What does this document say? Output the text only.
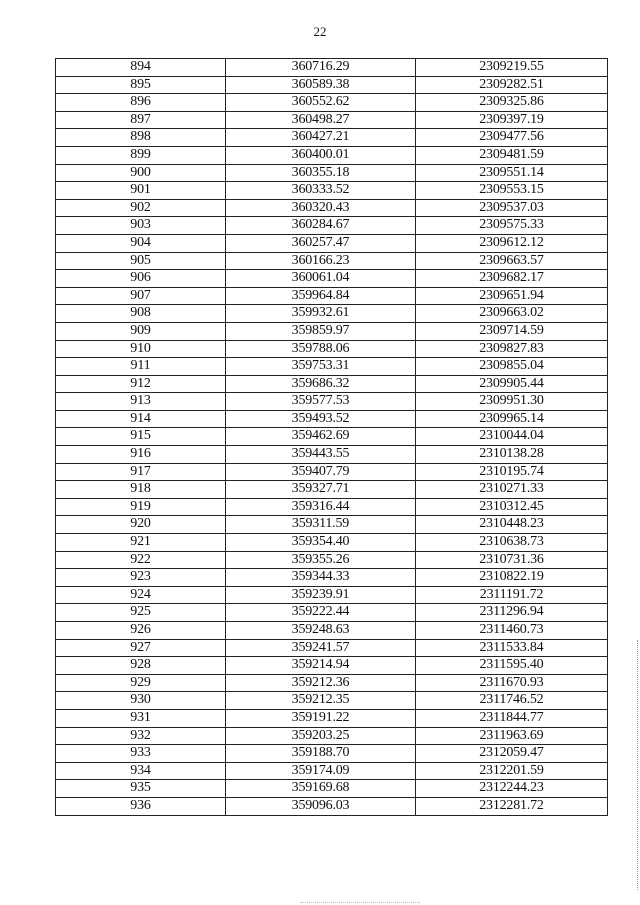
22
894	360716.29	2309219.55
895	360589.38	2309282.51
896	360552.62	2309325.86
897	360498.27	2309397.19
898	360427.21	2309477.56
899	360400.01	2309481.59
900	360355.18	2309551.14
901	360333.52	2309553.15
902	360320.43	2309537.03
903	360284.67	2309575.33
904	360257.47	2309612.12
905	360166.23	2309663.57
906	360061.04	2309682.17
907	359964.84	2309651.94
908	359932.61	2309663.02
909	359859.97	2309714.59
910	359788.06	2309827.83
911	359753.31	2309855.04
912	359686.32	2309905.44
913	359577.53	2309951.30
914	359493.52	2309965.14
915	359462.69	2310044.04
916	359443.55	2310138.28
917	359407.79	2310195.74
918	359327.71	2310271.33
919	359316.44	2310312.45
920	359311.59	2310448.23
921	359354.40	2310638.73
922	359355.26	2310731.36
923	359344.33	2310822.19
924	359239.91	2311191.72
925	359222.44	2311296.94
926	359248.63	2311460.73
927	359241.57	2311533.84
928	359214.94	2311595.40
929	359212.36	2311670.93
930	359212.35	2311746.52
931	359191.22	2311844.77
932	359203.25	2311963.69
933	359188.70	2312059.47
934	359174.09	2312201.59
935	359169.68	2312244.23
936	359096.03	2312281.72
